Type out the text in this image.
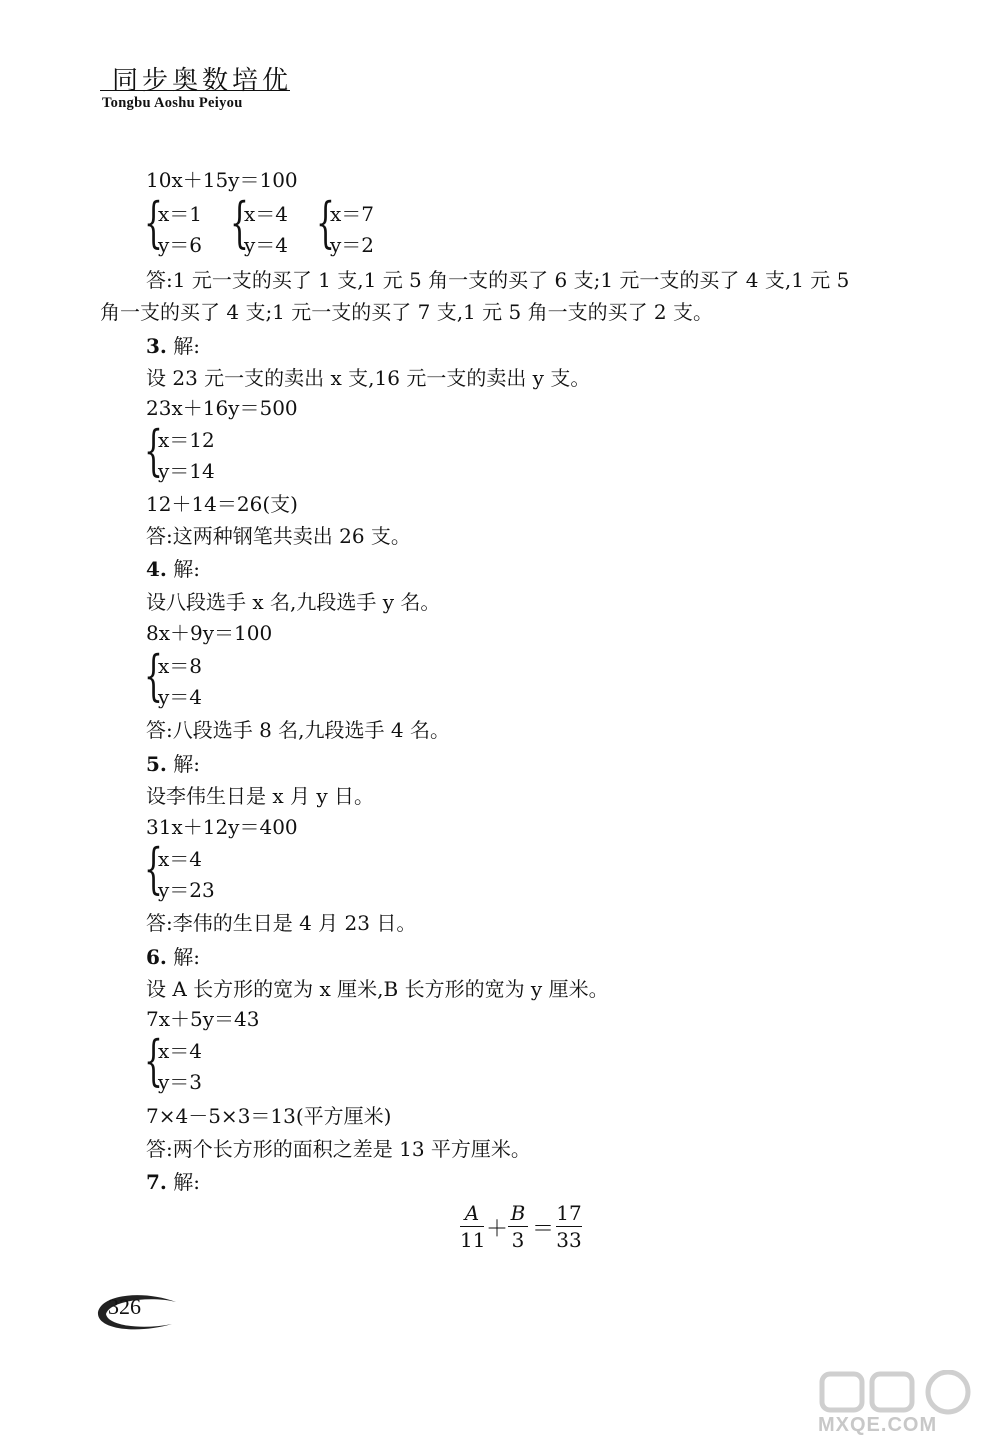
同步奥数培优
Tongbu Aoshu Peiyou
10x＋15y＝100
{
x＝1
y＝6 {
x＝4
y＝4 {
x＝7
y＝2
答:1 元一支的买了 1 支,1 元 5 角一支的买了 6 支;1 元一支的买了 4 支,1 元 5
角一支的买了 4 支;1 元一支的买了 7 支,1 元 5 角一支的买了 2 支。
3. 解:
设 23 元一支的卖出 x 支,16 元一支的卖出 y 支。
23x＋16y＝500
{
x＝12
y＝14
12＋14＝26(支)
答:这两种钢笔共卖出 26 支。
4. 解:
设八段选手 x 名,九段选手 y 名。
8x＋9y＝100
{
x＝8
y＝4
答:八段选手 8 名,九段选手 4 名。
5. 解:
设李伟生日是 x 月 y 日。
31x＋12y＝400
{
x＝4
y＝23
答:李伟的生日是 4 月 23 日。
6. 解:
设 A 长方形的宽为 x 厘米,B 长方形的宽为 y 厘米。
7x＋5y＝43
{
x＝4
y＝3
7×4－5×3＝13(平方厘米)
答:两个长方形的面积之差是 13 平方厘米。
7. 解:
A
11 ＋
B
3 ＝
17
33
326
MXQE.COM
